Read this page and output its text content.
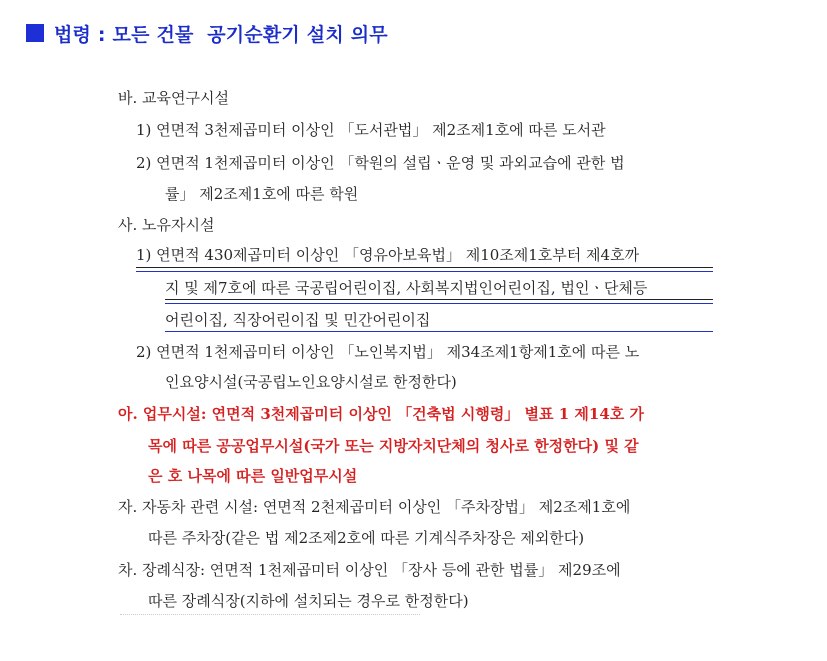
법령 : 모든 건물  공기순환기 설치 의무
바. 교육연구시설
1) 연면적 3천제곱미터 이상인 「도서관법」 제2조제1호에 따른 도서관
2) 연면적 1천제곱미터 이상인 「학원의 설립ㆍ운영 및 과외교습에 관한 법
률」 제2조제1호에 따른 학원
사. 노유자시설
1) 연면적 430제곱미터 이상인 「영유아보육법」 제10조제1호부터 제4호까
지 및 제7호에 따른 국공립어린이집, 사회복지법인어린이집, 법인ㆍ단체등
어린이집, 직장어린이집 및 민간어린이집
2) 연면적 1천제곱미터 이상인 「노인복지법」 제34조제1항제1호에 따른 노
인요양시설(국공립노인요양시설로 한정한다)
아. 업무시설: 연면적 3천제곱미터 이상인 「건축법 시행령」 별표 1 제14호 가
목에 따른 공공업무시설(국가 또는 지방자치단체의 청사로 한정한다) 및 같
은 호 나목에 따른 일반업무시설
자. 자동차 관련 시설: 연면적 2천제곱미터 이상인 「주차장법」 제2조제1호에
따른 주차장(같은 법 제2조제2호에 따른 기계식주차장은 제외한다)
차. 장례식장: 연면적 1천제곱미터 이상인 「장사 등에 관한 법률」 제29조에
따른 장례식장(지하에 설치되는 경우로 한정한다)
